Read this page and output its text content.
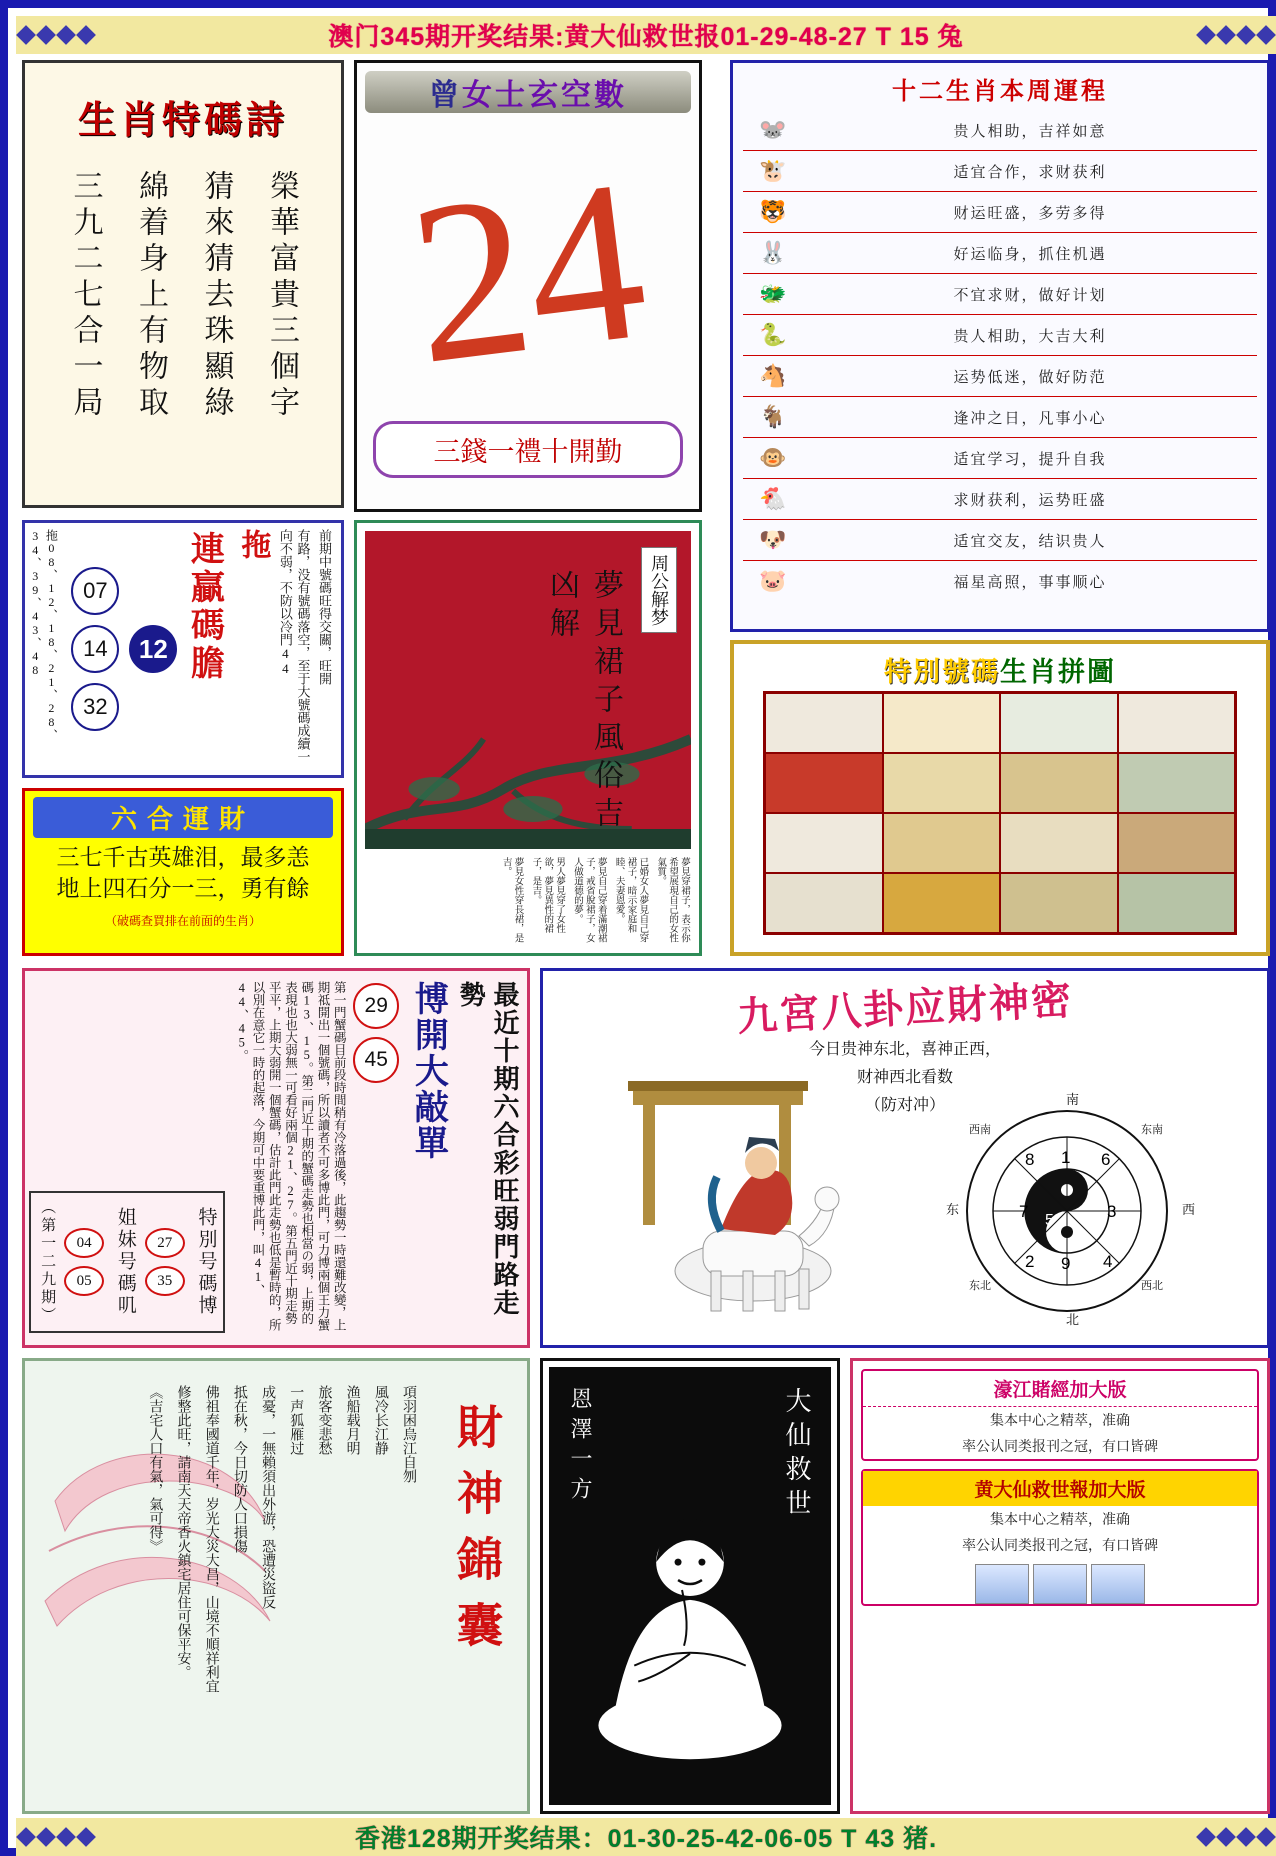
澳门345期开奖结果:黄大仙救世报01-29-48-27 T 15 兔
生肖特碼詩
榮華富貴三個字
猜來猜去珠顯綠
綿着身上有物取
三九二七合一局
曾 女士玄空數
24
三錢一禮十開勤
十二生肖本周運程
🐭	贵人相助，吉祥如意
🐮	适宜合作，求财获利
🐯	财运旺盛，多劳多得
🐰	好运临身，抓住机遇
🐲	不宜求财，做好计划
🐍	贵人相助，大吉大利
🐴	运势低迷，做好防范
🐐	逢冲之日，凡事小心
🐵	适宜学习，提升自我
🐔	求财获利，运势旺盛
🐶	适宜交友，结识贵人
🐷	福星高照，事事顺心
拖08、12、18、21、28、34、39、43、48	07
14
32
12 連贏碼膽 拖	有路，没有號碼落空，至于大號碼成續一向不弱，不防以冷門44	前期中號碼旺得交關，旺開
六合運財
三七千古英雄泪，最多恙
地上四石分一三，勇有餘
（破碼查買排在前面的生肖）
周公解梦
夢見裙子風俗吉凶解
夢見穿裙子，表示你希望展現自己的女性氣質。
已婚女人夢見自己穿裙子，暗示家庭和睦、夫妻恩愛。
夢見自己穿着滿潮裙子，戒省脫裙子，女人做道德的夢。
男人夢見穿了女性欲，夢見異性的裙子，是吉。
夢見女性穿長裙，是吉。
特別號碼生肖拼圖
最近十期六合彩旺弱門路走勢
博開大敲單
29
45
第一門蟹碼目前段時間稍有冷落過後，此趨勢一時還難改變，上期祗開出一個號碼，所以讀者不可多博此門，可力博兩個王力蟹碼13、15。第二門近十期的蟹碼走勢也相當の弱，上期的表現也也大弱無一可看好兩個21、27。第五門近十期走勢平平，上期大弱開一個蟹碼，估計此門此走勢也低是暫時的，所以別在意它一時的起落，今期可中要重博此門，叫41、44、45。
特別号碼博
27
35
姐妹号碼叽
04
05
（第一二九期）
九宮八卦应財神密
今日贵神东北，喜神正西，
财神西北看数
（防对冲）
8 1 6
7	3
2 9 4
5
南
北
西
东
西南	东南
西北
东北
財神錦囊
項羽困烏江自刎
風冷长江静
渔船载月明
旅客变悲愁
一声狐雁过
成憂，一無賴須出外游，恐遭災盜反
抵在秋，今日切防人口損傷
佛祖奉國道千年，岁光大災大昌，山境不順祥利宜
修整此旺，請南天天帝香火鎮宅居住可保平安。
《吉宅人口有氣，氣可得》	恩澤一方	大仙救世	濠江賭經加大版
集本中心之精萃，准确
率公认同类报刊之冠，有口皆碑
黄大仙救世報加大版
集本中心之精萃，准确
率公认同类报刊之冠，有口皆碑
香港128期开奖结果：01-30-25-42-06-05 T 43 猪.
